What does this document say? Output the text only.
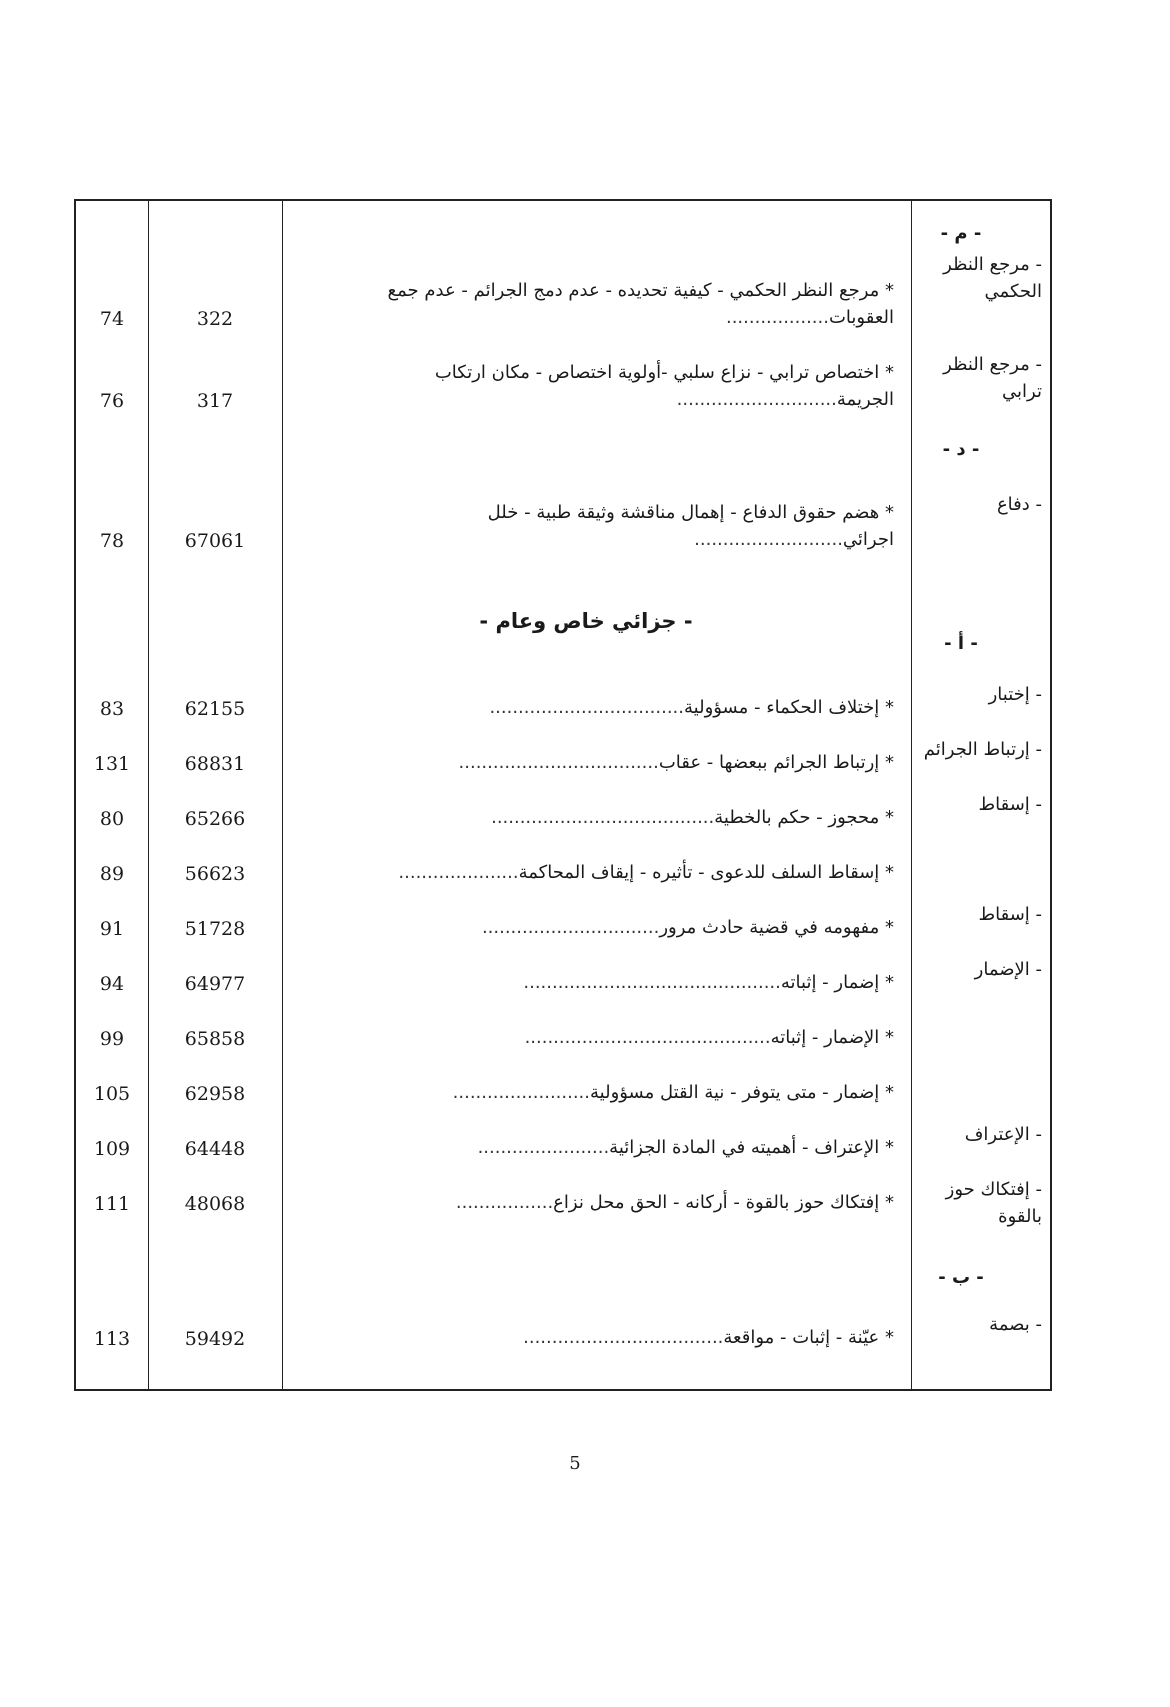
- م -
- مرجع النظر الحكمي
* مرجع النظر الحكمي - كيفية تحديده - عدم دمج الجرائم - عدم جمع العقوبات..................
322
74
- مرجع النظر ترابي
* اختصاص ترابي - نزاع سلبي -أولوية اختصاص - مكان ارتكاب الجريمة............................
317
76
- د -
- دفاع
* هضم حقوق الدفاع - إهمال مناقشة وثيقة طبية - خلل اجرائي..........................
67061
78
- جزائي خاص وعام -
- أ -
- إختبار
* إختلاف الحكماء - مسؤولية..................................
62155
83
- إرتباط الجرائم
* إرتباط الجرائم ببعضها - عقاب...................................
68831
131
- إسقاط
* محجوز - حكم بالخطية.......................................
65266
80
* إسقاط السلف للدعوى - تأثيره - إيقاف المحاكمة.....................
56623
89
- إسقاط
* مفهومه في قضية حادث مرور...............................
51728
91
- الإضمار
* إضمار - إثباته.............................................
64977
94
* الإضمار - إثباته...........................................
65858
99
* إضمار - متى يتوفر - نية القتل مسؤولية........................
62958
105
- الإعتراف
* الإعتراف - أهميته في المادة الجزائية.......................
64448
109
- إفتكاك حوز بالقوة
* إفتكاك حوز بالقوة - أركانه - الحق محل نزاع.................
48068
111
- ب -
- بصمة
* عيّنة - إثبات - مواقعة...................................
59492
113
5
